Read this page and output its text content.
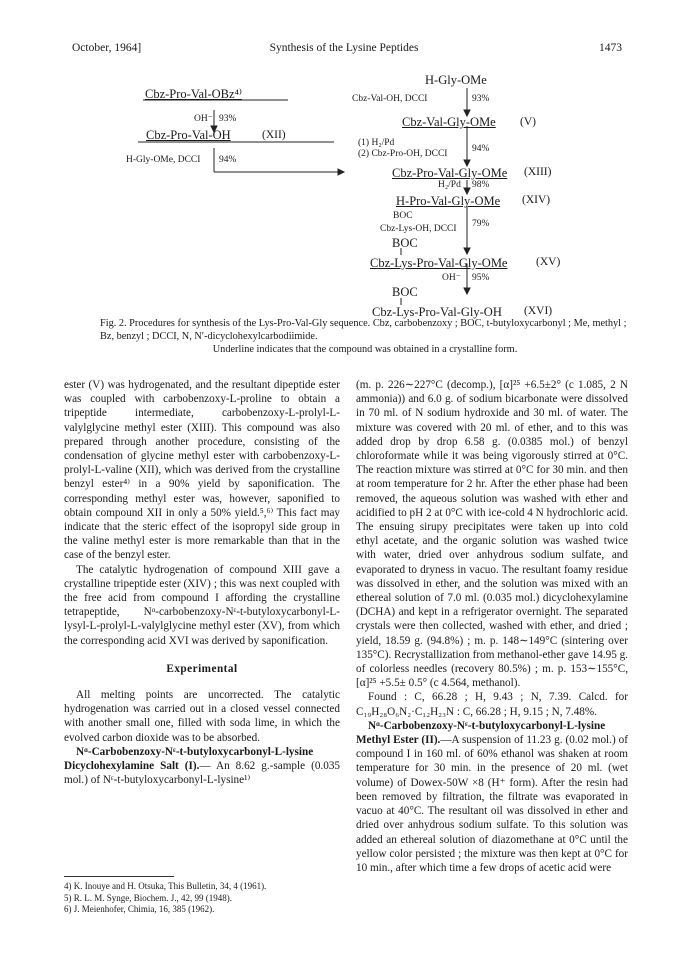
October, 1964]	Synthesis of the Lysine Peptides	1473
H-Gly-OMe
Cbz-Pro-Val-OBz⁴⁾	Cbz-Val-OH, DCCI	93%
OH⁻ 93%	Cbz-Val-Gly-OMe (V)
Cbz-Pro-Val-OH	(XII)
(1) H₂/Pd
(2) Cbz-Pro-OH, DCCI	94%
H-Gly-OMe, DCCI 94%
Cbz-Pro-Val-Gly-OMe (XIII)
H₂/Pd 98%
H-Pro-Val-Gly-OMe (XIV)
BOC
79%
Cbz-Lys-OH, DCCI
BOC
Cbz-Lys-Pro-Val-Gly-OMe (XV)
OH⁻ 95%
BOC
Cbz-Lys-Pro-Val-Gly-OH (XVI)

Fig. 2. Procedures for synthesis of the Lys-Pro-Val-Gly sequence. Cbz, carbobenzoxy ; BOC, t-butyloxycarbonyl ; Me, methyl ; Bz, benzyl ; DCCI, N, N′-dicyclohexylcarbodiimide.

Underline indicates that the compound was obtained in a crystalline form.

ester (V) was hydrogenated, and the resultant dipeptide ester was coupled with carbobenzoxy-L-proline to obtain a tripeptide intermediate, carbobenzoxy-L-prolyl-L-valylglycine methyl ester (XIII). This compound was also prepared through another procedure, consisting of the condensation of glycine methyl ester with carbobenzoxy-L-prolyl-L-valine (XII), which was derived from the crystalline benzyl ester⁴⁾ in a 90% yield by saponification. The corresponding methyl ester was, however, saponified to obtain compound XII in only a 50% yield.⁵,⁶⁾ This fact may indicate that the steric effect of the isopropyl side group in the valine methyl ester is more remarkable than that in the case of the benzyl ester.

The catalytic hydrogenation of compound XIII gave a crystalline tripeptide ester (XIV) ; this was next coupled with the free acid from compound I affording the crystalline tetrapeptide, Nᵅ-carbobenzoxy-Nᵋ-t-butyloxycarbonyl-L-lysyl-L-prolyl-L-valylglycine methyl ester (XV), from which the corresponding acid XVI was derived by saponification.

Experimental

All melting points are uncorrected. The catalytic hydrogenation was carried out in a closed vessel connected with another small one, filled with soda lime, in which the evolved carbon dioxide was to be absorbed.

Nᵅ-Carbobenzoxy-Nᵋ-t-butyloxycarbonyl-L-lysine Dicyclohexylamine Salt (I).— An 8.62 g.-sample (0.035 mol.) of Nᵋ-t-butyloxycarbonyl-L-lysine¹⁾

4) K. Inouye and H. Otsuka, This Bulletin, 34, 4 (1961).

5) R. L. M. Synge, Biochem. J., 42, 99 (1948).

6) J. Meienhofer, Chimia, 16, 385 (1962).

(m. p. 226∼227°C (decomp.), [α]²⁵ +6.5±2° (c 1.085, 2 N ammonia)) and 6.0 g. of sodium bicarbonate were dissolved in 70 ml. of N sodium hydroxide and 30 ml. of water. The mixture was covered with 20 ml. of ether, and to this was added drop by drop 6.58 g. (0.0385 mol.) of benzyl chloroformate while it was being vigorously stirred at 0°C. The reaction mixture was stirred at 0°C for 30 min. and then at room temperature for 2 hr. After the ether phase had been removed, the aqueous solution was washed with ether and acidified to pH 2 at 0°C with ice-cold 4 N hydrochloric acid. The ensuing sirupy precipitates were taken up into cold ethyl acetate, and the organic solution was washed twice with water, dried over anhydrous sodium sulfate, and evaporated to dryness in vacuo. The resultant foamy residue was dissolved in ether, and the solution was mixed with an ethereal solution of 7.0 ml. (0.035 mol.) dicyclohexylamine (DCHA) and kept in a refrigerator overnight. The separated crystals were then collected, washed with ether, and dried ; yield, 18.59 g. (94.8%) ; m. p. 148∼149°C (sintering over 135°C). Recrystallization from methanol-ether gave 14.95 g. of colorless needles (recovery 80.5%) ; m. p. 153∼155°C, [α]²⁵ +5.5± 0.5° (c 4.564, methanol).

Found : C, 66.28 ; H, 9.43 ; N, 7.39. Calcd. for C₁₉H₂₈O₆N₂·C₁₂H₂₃N : C, 66.28 ; H, 9.15 ; N, 7.48%.

Nᵅ-Carbobenzoxy-Nᵋ-t-butyloxycarbonyl-L-lysine Methyl Ester (II).—A suspension of 11.23 g. (0.02 mol.) of compound I in 160 ml. of 60% ethanol was shaken at room temperature for 30 min. in the presence of 20 ml. (wet volume) of Dowex-50W ×8 (H⁺ form). After the resin had been removed by filtration, the filtrate was evaporated in vacuo at 40°C. The resultant oil was dissolved in ether and dried over anhydrous sodium sulfate. To this solution was added an ethereal solution of diazomethane at 0°C until the yellow color persisted ; the mixture was then kept at 0°C for 10 min., after which time a few drops of acetic acid were
